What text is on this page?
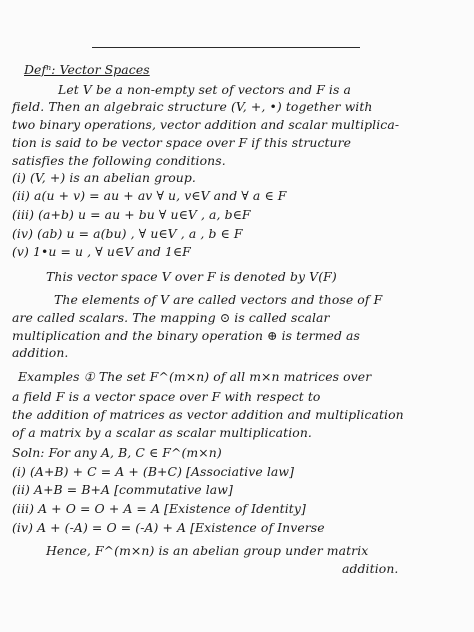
Defⁿ: Vector Spaces
Let V be a non-empty set of vectors and F is a
field. Then an algebraic structure (V, +, •) together with
two binary operations, vector addition and scalar multiplica-
tion is said to be vector space over F if this structure
satisfies the following conditions.
(i) (V, +) is an abelian group.
(ii) a(u + v) = au + av ∀ u, v∈V and ∀ a ∈ F
(iii) (a+b) u = au + bu ∀ u∈V , a, b∈F
(iv) (ab) u = a(bu) , ∀ u∈V , a , b ∈ F
(v) 1•u = u , ∀ u∈V and 1∈F
This vector space V over F is denoted by V(F)
The elements of V are called vectors and those of F
are called scalars. The mapping ⊙ is called scalar
multiplication and the binary operation ⊕ is termed as
addition.
Examples ① The set F^(m×n) of all m×n matrices over
a field F is a vector space over F with respect to
the addition of matrices as vector addition and multiplication
of a matrix by a scalar as scalar multiplication.
Soln: For any A, B, C ∈ F^(m×n)
(i) (A+B) + C = A + (B+C) [Associative law]
(ii) A+B = B+A [commutative law]
(iii) A + O = O + A = A [Existence of Identity]
(iv) A + (-A) = O = (-A) + A [Existence of Inverse
Hence, F^(m×n) is an abelian group under matrix
addition.
